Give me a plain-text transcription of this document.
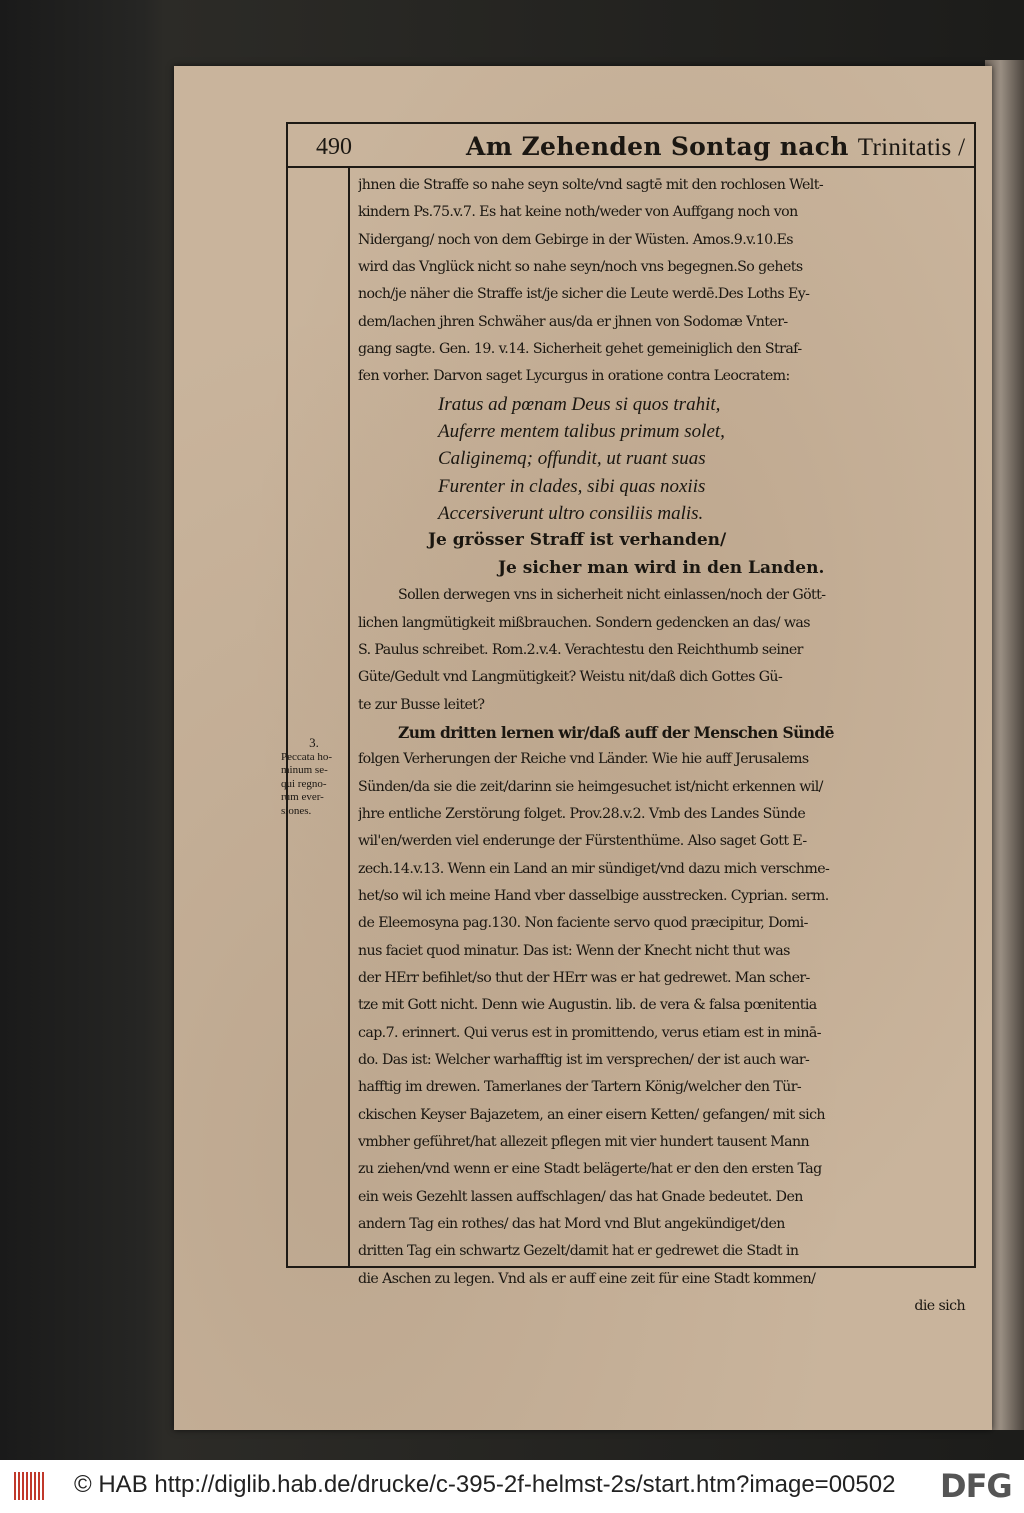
490	Am Zehenden Sontag nach Trinitatis /
3.
Peccata ho-
minum se-
qui regno-
rum ever-
siones.
jhnen die Straffe so nahe seyn solte/vnd sagtē mit den rochlosen Welt-
kindern Ps.75.v.7. Es hat keine noth/weder von Auffgang noch von
Nidergang/ noch von dem Gebirge in der Wüsten. Amos.9.v.10.Es
wird das Vnglück nicht so nahe seyn/noch vns begegnen.So gehets
noch/je näher die Straffe ist/je sicher die Leute werdē.Des Loths Ey-
dem/lachen jhren Schwäher aus/da er jhnen von Sodomæ Vnter-
gang sagte. Gen. 19. v.14. Sicherheit gehet gemeiniglich den Straf-
fen vorher. Darvon saget Lycurgus in oratione contra Leocratem:
Iratus ad pœnam Deus si quos trahit,
Auferre mentem talibus primum solet,
Caliginemq; offundit, ut ruant suas
Furenter in clades, sibi quas noxiis
Accersiverunt ultro consiliis malis.
Je grösser Straff ist verhanden/
Je sicher man wird in den Landen.
Sollen derwegen vns in sicherheit nicht einlassen/noch der Gött-
lichen langmütigkeit mißbrauchen. Sondern gedencken an das/ was
S. Paulus schreibet. Rom.2.v.4. Verachtestu den Reichthumb seiner
Güte/Gedult vnd Langmütigkeit? Weistu nit/daß dich Gottes Gü-
te zur Busse leitet?
Zum dritten lernen wir/daß auff der Menschen Sündē
folgen Verherungen der Reiche vnd Länder. Wie hie auff Jerusalems
Sünden/da sie die zeit/darinn sie heimgesuchet ist/nicht erkennen wil/
jhre entliche Zerstörung folget. Prov.28.v.2. Vmb des Landes Sünde
wil'en/werden viel enderunge der Fürstenthüme. Also saget Gott E-
zech.14.v.13. Wenn ein Land an mir sündiget/vnd dazu mich verschme-
het/so wil ich meine Hand vber dasselbige ausstrecken. Cyprian. serm.
de Eleemosyna pag.130. Non faciente servo quod præcipitur, Domi-
nus faciet quod minatur. Das ist: Wenn der Knecht nicht thut was
der HErr befihlet/so thut der HErr was er hat gedrewet. Man scher-
tze mit Gott nicht. Denn wie Augustin. lib. de vera & falsa pœnitentia
cap.7. erinnert. Qui verus est in promittendo, verus etiam est in minā-
do. Das ist: Welcher warhafftig ist im versprechen/ der ist auch war-
hafftig im drewen. Tamerlanes der Tartern König/welcher den Tür-
ckischen Keyser Bajazetem, an einer eisern Ketten/ gefangen/ mit sich
vmbher geführet/hat allezeit pflegen mit vier hundert tausent Mann
zu ziehen/vnd wenn er eine Stadt belägerte/hat er den den ersten Tag
ein weis Gezehlt lassen auffschlagen/ das hat Gnade bedeutet. Den
andern Tag ein rothes/ das hat Mord vnd Blut angekündiget/den
dritten Tag ein schwartz Gezelt/damit hat er gedrewet die Stadt in
die Aschen zu legen. Vnd als er auff eine zeit für eine Stadt kommen/
die sich
© HAB http://diglib.hab.de/drucke/c-395-2f-helmst-2s/start.htm?image=00502 DFG
